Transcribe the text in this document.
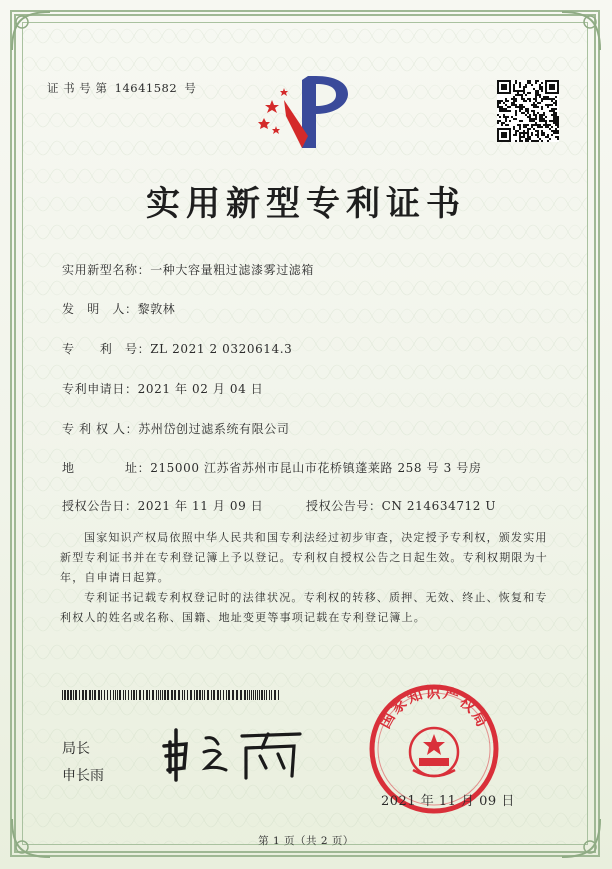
证 书 号 第 14641582 号
实用新型专利证书
实用新型名称：一种大容量粗过滤漆雾过滤箱
发　明　人：黎敦林
专　　利　号：ZL 2021 2 0320614.3
专利申请日：2021 年 02 月 04 日
专 利 权 人：苏州岱创过滤系统有限公司
地　　　　址：215000 江苏省苏州市昆山市花桥镇蓬莱路 258 号 3 号房
授权公告日：2021 年 11 月 09 日	授权公告号：CN 214634712 U
国家知识产权局依照中华人民共和国专利法经过初步审查，决定授予专利权，颁发实用新型专利证书并在专利登记簿上予以登记。专利权自授权公告之日起生效。专利权期限为十年，自申请日起算。
专利证书记载专利权登记时的法律状况。专利权的转移、质押、无效、终止、恢复和专利权人的姓名或名称、国籍、地址变更等事项记载在专利登记簿上。
局长
申长雨
国家知识产权局
2021 年 11 月 09 日
第 1 页（共 2 页）
